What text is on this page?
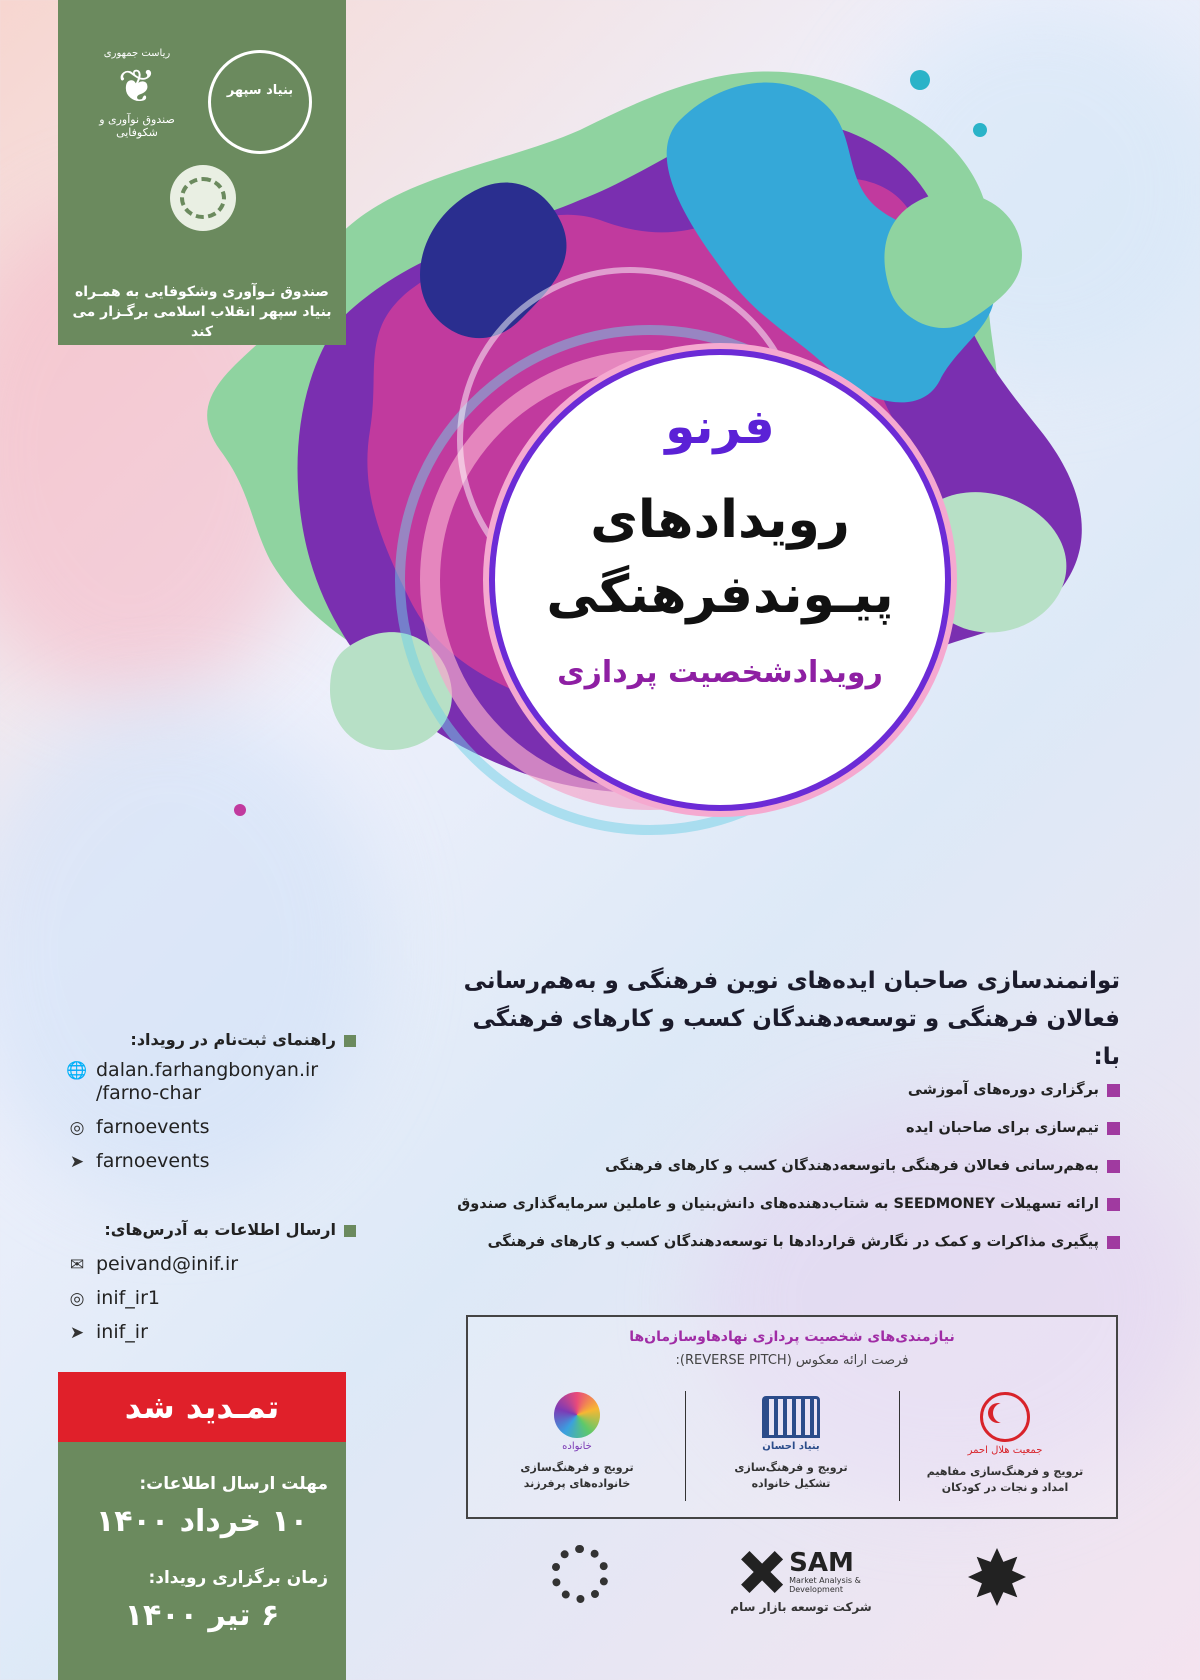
بنیاد سپهر
ریاست جمهوری
❦
صندوق نوآوری و شکوفایی
صندوق نـوآوری وشکوفایی به همـراه
بنیاد سپهر انقلاب اسلامی برگـزار می کند
فرنو
رویدادهای
پیـوندفرهنگی
رویدادشخصیت پردازی
توانمندسازی صاحبان ایده‌های نوین فرهنگی و به‌هم‌رسانی
فعالان فرهنگی و توسعه‌دهندگان کسب و کارهای فرهنگی با:
برگزاری دوره‌های آموزشی
تیم‌سازی برای صاحبان ایده
به‌هم‌رسانی فعالان فرهنگی باتوسعه‌دهندگان کسب و کارهای فرهنگی
ارائه تسهیلات SEEDMONEY به شتاب‌دهنده‌های دانش‌بنیان و عاملین سرمایه‌گذاری صندوق
پیگیری مذاکرات و کمک در نگارش قراردادها با توسعه‌دهندگان کسب و کارهای فرهنگی
راهنمای ثبت‌نام در رویداد:
🌐 dalan.farhangbonyan.ir
/farno-char
◎ farnoevents
➤ farnoevents
ارسال اطلاعات به آدرس‌های:
✉ peivand@inif.ir
◎ inif_ir1
➤ inif_ir
تمـدید شد
مهلت ارسال اطلاعات:
۱۰ خرداد ۱۴۰۰
زمان برگزاری رویداد:
۶ تیر ۱۴۰۰
نیازمندی‌های شخصیت پردازی نهادهاوسازمان‌ها
فرصت ارائه معکوس (REVERSE PITCH):
جمعیت هلال احمر
ترویج و فرهنگ‌سازی مفاهیم
امداد و نجات در کودکان
بنیاد احسان
ترویج و فرهنگ‌سازی
تشکیل خانواده
خانواده
ترویج و فرهنگ‌سازی
خانواده‌های پرفرزند
SAM
Market Analysis &
Development
شرکت توسعه بازار سام
